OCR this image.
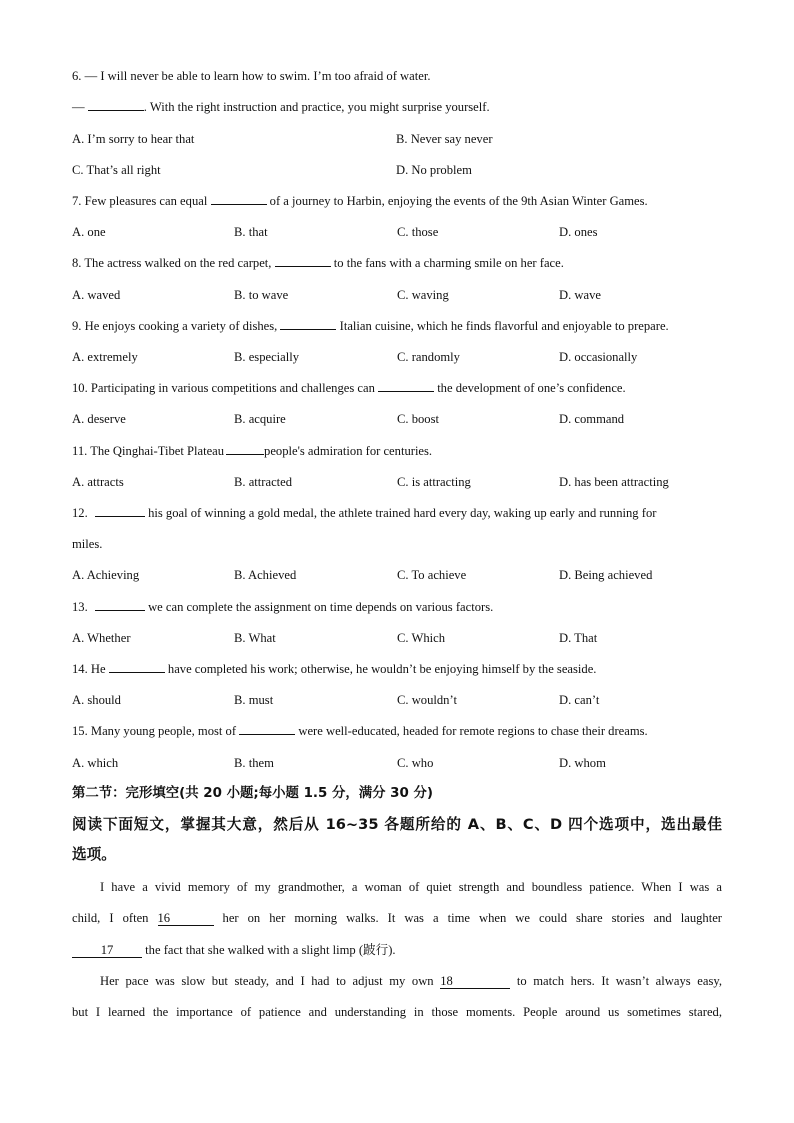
6. — I will never be able to learn how to swim. I’m too afraid of water.
—	. With the right instruction and practice, you might surprise yourself.
A. I’m sorry to hear that	B. Never say never
C. That’s all right	D. No problem
7. Few pleasures can equal	of a journey to Harbin, enjoying the events of the 9th Asian Winter Games.
A. one	B. that	C. those	D. ones
8. The actress walked on the red carpet,	to the fans with a charming smile on her face.
A. waved	B. to wave	C. waving	D. wave
9. He enjoys cooking a variety of dishes,	Italian cuisine, which he finds flavorful and enjoyable to prepare.
A. extremely	B. especially	C. randomly	D. occasionally
10. Participating in various competitions and challenges can	the development of one’s confidence.
A. deserve	B. acquire	C. boost	D. command
11. The Qinghai-Tibet Plateau	people's admiration for centuries.
A. attracts	B. attracted	C. is attracting	D. has been attracting
12.	his goal of winning a gold medal, the athlete trained hard every day, waking up early and running for
miles.
A. Achieving	B. Achieved	C. To achieve	D. Being achieved
13.	we can complete the assignment on time depends on various factors.
A. Whether	B. What	C. Which	D. That
14. He	have completed his work; otherwise, he wouldn’t be enjoying himself by the seaside.
A. should	B. must	C. wouldn’t	D. can’t
15. Many young people, most of	were well-educated, headed for remote regions to chase their dreams.
A. which	B. them	C. who	D. whom
第二节：完形填空(共 20 小题;每小题 1.5 分，满分 30 分)
阅读下面短文，掌握其大意，然后从 16~35 各题所给的 A、B、C、D 四个选项中，选出最佳
选项。
I have a vivid memory of my grandmother, a woman of quiet strength and boundless patience. When I was a
child, I often 16	her on her morning walks. It was a time when we could share stories and laughter
17	the fact that she walked with a slight limp (跛行).
Her pace was slow but steady, and I had to adjust my own 18	to match hers. It wasn’t always easy,
but I learned the importance of patience and understanding in those moments. People around us sometimes stared,
